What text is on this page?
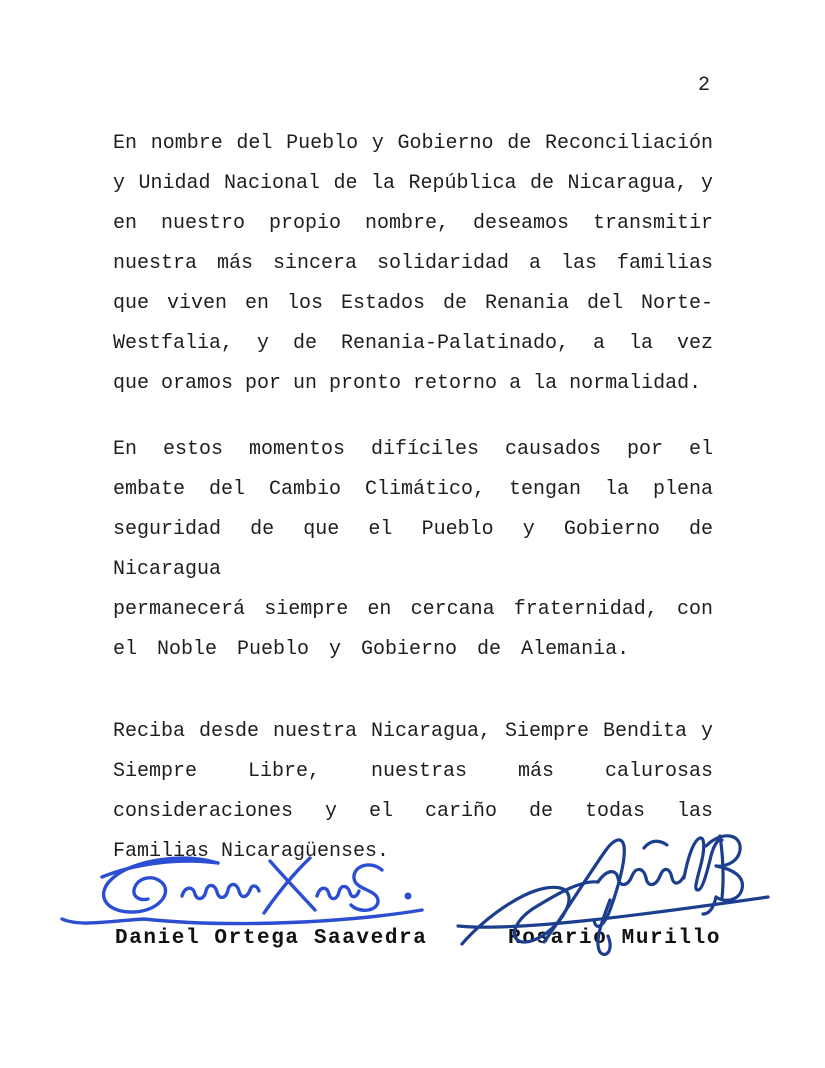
2
En nombre del Pueblo y Gobierno de Reconciliación
y Unidad Nacional de la República de Nicaragua, y
en nuestro propio nombre, deseamos transmitir
nuestra más sincera solidaridad a las familias
que viven en los Estados de Renania del Norte-
Westfalia, y de Renania-Palatinado, a la vez
que oramos por un pronto retorno a la normalidad.
En estos momentos difíciles causados por el
embate del Cambio Climático, tengan la plena
seguridad de que el Pueblo y Gobierno de Nicaragua
permanecerá siempre en cercana fraternidad, con
el Noble Pueblo y Gobierno de Alemania.
Reciba desde nuestra Nicaragua, Siempre Bendita y
Siempre Libre, nuestras más calurosas
consideraciones y el cariño de todas las
Familias Nicaragüenses.
Daniel Ortega Saavedra	Rosario Murillo
